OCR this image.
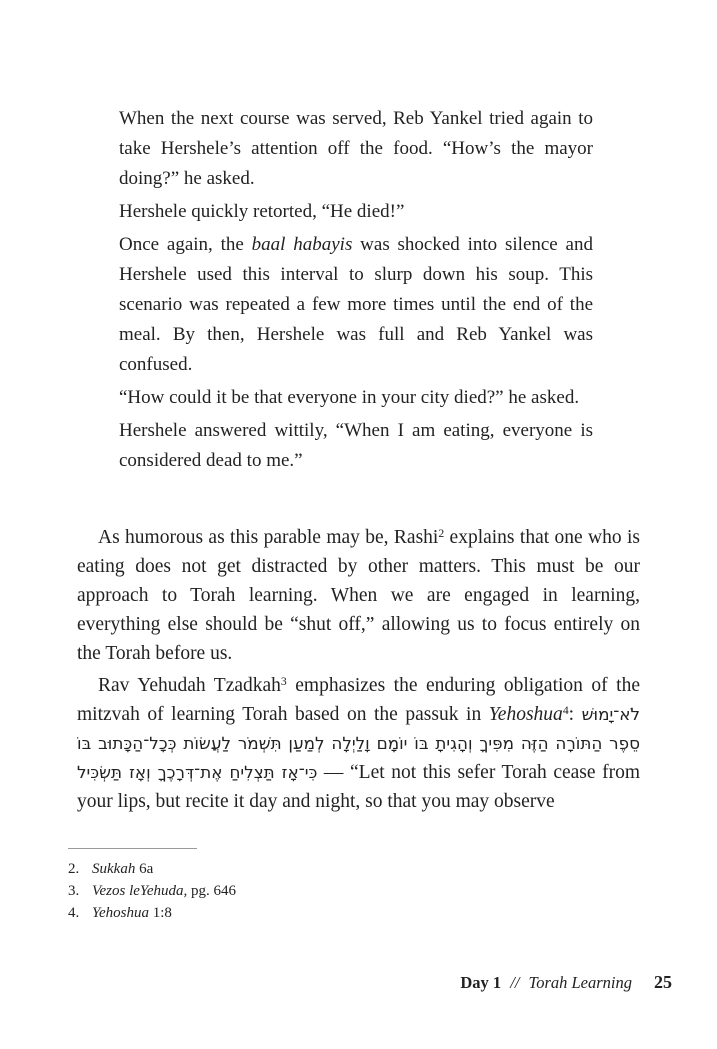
When the next course was served, Reb Yankel tried again to take Hershele’s attention off the food. “How’s the mayor doing?” he asked.

Hershele quickly retorted, “He died!”

Once again, the baal habayis was shocked into silence and Hershele used this interval to slurp down his soup. This scenario was repeated a few more times until the end of the meal. By then, Hershele was full and Reb Yankel was confused.

“How could it be that everyone in your city died?” he asked.

Hershele answered wittily, “When I am eating, everyone is considered dead to me.”

As humorous as this parable may be, Rashi$^2$ explains that one who is eating does not get distracted by other matters. This must be our approach to Torah learning. When we are engaged in learning, everything else should be “shut off,” allowing us to focus entirely on the Torah before us.

Rav Yehudah Tzadkah$^3$ emphasizes the enduring obligation of the mitzvah of learning Torah based on the passuk in Yehoshua$^4$: לֹא־יָמוּשׁ סֵפֶר הַתּוֹרָה הַזֶּה מִפִּיךָ וְהָגִיתָ בּוֹ יוֹמָם וָלַיְלָה לְמַעַן תִּשְׁמֹר לַעֲשׂוֹת כְּכָל־הַכָּתוּב בּוֹ כִּי־אָז תַּצְלִיחַ אֶת־דְּרָכֶךָ וְאָז תַּשְׂכִּיל — “Let not this sefer Torah cease from your lips, but recite it day and night, so that you may observe

2. Sukkah 6a
3. Vezos leYehuda, pg. 646
4. Yehoshua 1:8
Day 1 // Torah Learning 25
